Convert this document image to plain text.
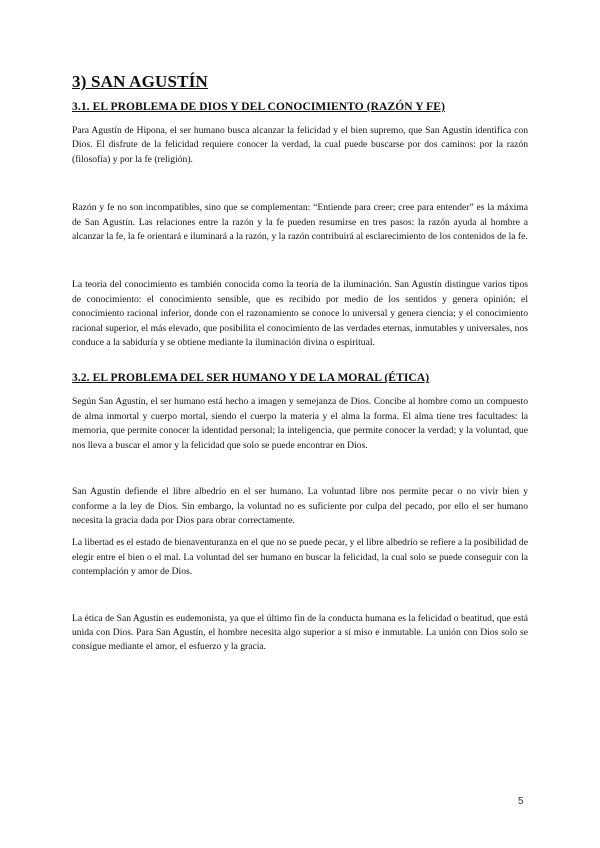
3) SAN AGUSTÍN
3.1. EL PROBLEMA DE DIOS Y DEL CONOCIMIENTO (RAZÓN Y FE)

Para Agustín de Hipona, el ser humano busca alcanzar la felicidad y el bien supremo, que San Agustín identifica con Dios. El disfrute de la felicidad requiere conocer la verdad, la cual puede buscarse por dos caminos: por la razón (filosofía) y por la fe (religión).

Razón y fe no son incompatibles, sino que se complementan: “Entiende para creer; cree para entender” es la máxima de San Agustín. Las relaciones entre la razón y la fe pueden resumirse en tres pasos: la razón ayuda al hombre a alcanzar la fe, la fe orientará e iluminará a la razón, y la razón contribuirá al esclarecimiento de los contenidos de la fe.

La teoría del conocimiento es también conocida como la teoría de la iluminación. San Agustín distingue varios tipos de conocimiento: el conocimiento sensible, que es recibido por medio de los sentidos y genera opinión; el conocimiento racional inferior, donde con el razonamiento se conoce lo universal y genera ciencia; y el conocimiento racional superior, el más elevado, que posibilita el conocimiento de las verdades eternas, inmutables y universales, nos conduce a la sabiduría y se obtiene mediante la iluminación divina o espiritual.

3.2. EL PROBLEMA DEL SER HUMANO Y DE LA MORAL (ÉTICA)

Según San Agustín, el ser humano está hecho a imagen y semejanza de Dios. Concibe al hombre como un compuesto de alma inmortal y cuerpo mortal, siendo el cuerpo la materia y el alma la forma. El alma tiene tres facultades: la memoria, que permite conocer la identidad personal; la inteligencia, que permite conocer la verdad; y la voluntad, que nos lleva a buscar el amor y la felicidad que solo se puede encontrar en Dios.

San Agustín defiende el libre albedrío en el ser humano. La voluntad libre nos permite pecar o no vivir bien y conforme a la ley de Dios. Sin embargo, la voluntad no es suficiente por culpa del pecado, por ello el ser humano necesita la gracia dada por Dios para obrar correctamente.

La libertad es el estado de bienaventuranza en el que no se puede pecar, y el libre albedrío se refiere a la posibilidad de elegir entre el bien o el mal. La voluntad del ser humano en buscar la felicidad, la cual solo se puede conseguir con la contemplación y amor de Dios.

La ética de San Agustín es eudemonista, ya que el último fin de la conducta humana es la felicidad o beatitud, que está unida con Dios. Para San Agustín, el hombre necesita algo superior a sí miso e inmutable. La unión con Dios solo se consigue mediante el amor, el esfuerzo y la gracia.

5
